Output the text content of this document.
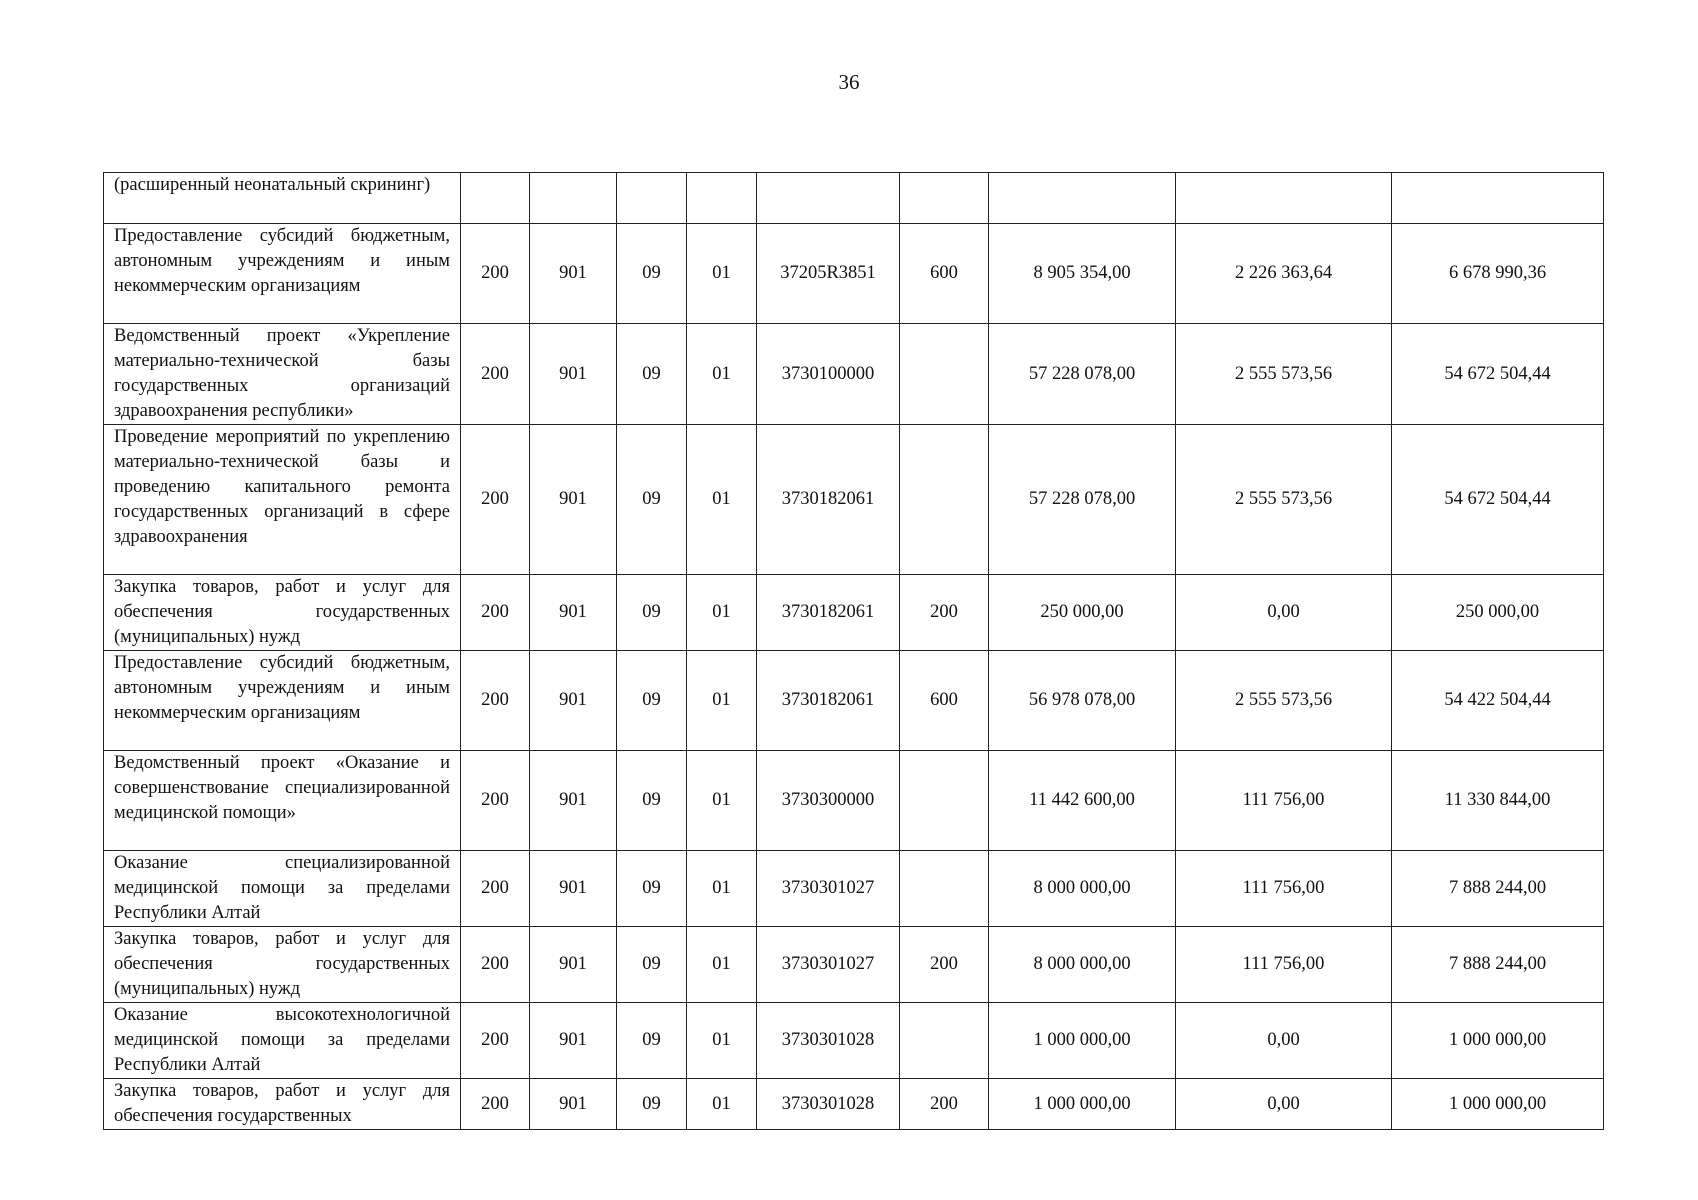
36
(расширенный неонатальный скрининг)									
Предоставление субсидий бюджетным, автономным учреждениям и иным некоммерческим организациям	200	901	09	01	37205R3851	600	8 905 354,00	2 226 363,64	6 678 990,36
Ведомственный проект «Укрепление материально-технической базы государственных организаций здравоохранения республики»	200	901	09	01	3730100000		57 228 078,00	2 555 573,56	54 672 504,44
Проведение мероприятий по укреплению материально-технической базы и проведению капитального ремонта государственных организаций в сфере здравоохранения	200	901	09	01	3730182061		57 228 078,00	2 555 573,56	54 672 504,44
Закупка товаров, работ и услуг для обеспечения государственных (муниципальных) нужд	200	901	09	01	3730182061	200	250 000,00	0,00	250 000,00
Предоставление субсидий бюджетным, автономным учреждениям и иным некоммерческим организациям	200	901	09	01	3730182061	600	56 978 078,00	2 555 573,56	54 422 504,44
Ведомственный проект «Оказание и совершенствование специализированной медицинской помощи»	200	901	09	01	3730300000		11 442 600,00	111 756,00	11 330 844,00
Оказание специализированной медицинской помощи за пределами Республики Алтай	200	901	09	01	3730301027		8 000 000,00	111 756,00	7 888 244,00
Закупка товаров, работ и услуг для обеспечения государственных (муниципальных) нужд	200	901	09	01	3730301027	200	8 000 000,00	111 756,00	7 888 244,00
Оказание высокотехнологичной медицинской помощи за пределами Республики Алтай	200	901	09	01	3730301028		1 000 000,00	0,00	1 000 000,00
Закупка товаров, работ и услуг для обеспечения государственных	200	901	09	01	3730301028	200	1 000 000,00	0,00	1 000 000,00
